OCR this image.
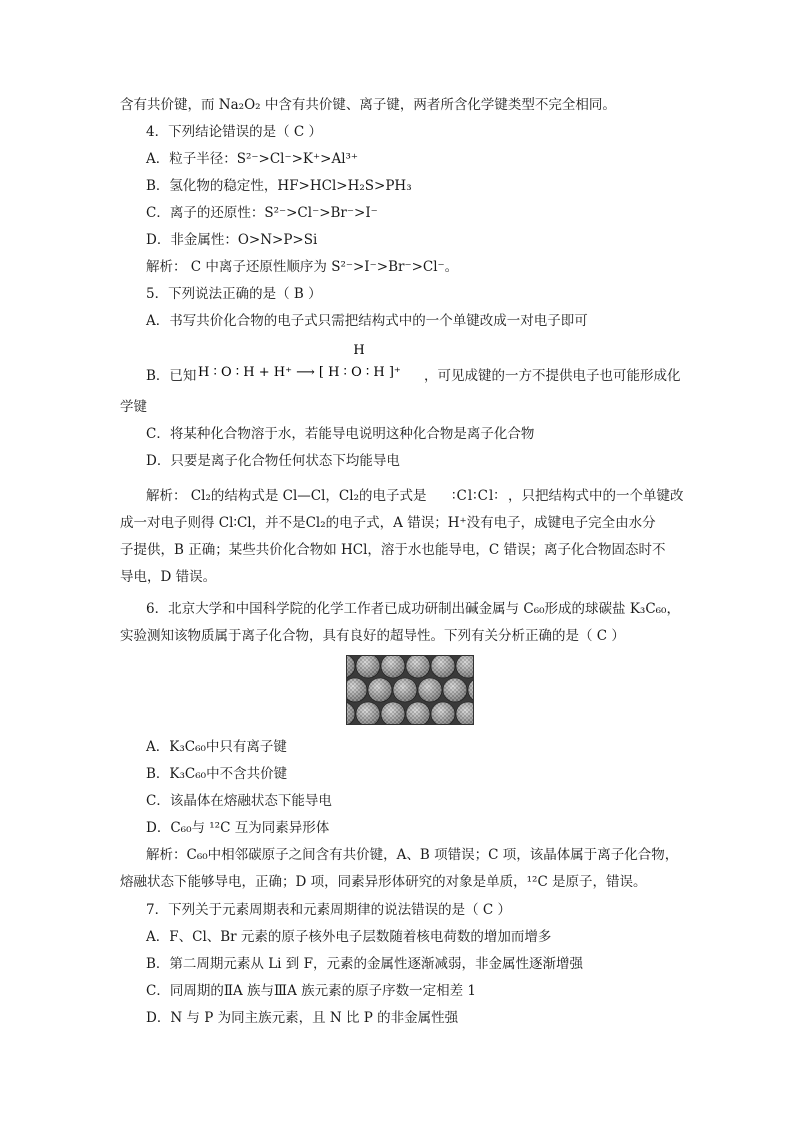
含有共价键，而 Na₂O₂ 中含有共价键、离子键，两者所含化学键类型不完全相同。
4．下列结论错误的是（ C ）
A．粒子半径：S²⁻>Cl⁻>K⁺>Al³⁺
B．氢化物的稳定性，HF>HCl>H₂S>PH₃
C．离子的还原性：S²⁻>Cl⁻>Br⁻>Ⅰ⁻
D．非金属性：O>N>P>Si
解析： C 中离子还原性顺序为 S²⁻>Ⅰ⁻>Br⁻>Cl⁻。
5．下列说法正确的是（ B ）
A．书写共价化合物的电子式只需把结构式中的一个单键改成一对电子即可
B．已知
H
H ∶ O ∶ H + H⁺ ⟶ [ H ∶ O ∶ H ]⁺ ，可见成键的一方不提供电子也可能形成化
学键
C．将某种化合物溶于水，若能导电说明这种化合物是离子化合物
D．只要是离子化合物任何状态下均能导电
解析： Cl₂的结构式是 Cl—Cl，Cl₂的电子式是 ∶Cl∶Cl∶ ，只把结构式中的一个单键改
成一对电子则得 Cl∶Cl，并不是Cl₂的电子式，A 错误；H⁺没有电子，成键电子完全由水分
子提供，B 正确；某些共价化合物如 HCl，溶于水也能导电，C 错误；离子化合物固态时不
导电，D 错误。
6．北京大学和中国科学院的化学工作者已成功研制出碱金属与 C₆₀形成的球碳盐 K₃C₆₀，
实验测知该物质属于离子化合物，具有良好的超导性。下列有关分析正确的是（ C ）
A．K₃C₆₀中只有离子键
B．K₃C₆₀中不含共价键
C．该晶体在熔融状态下能导电
D．C₆₀与 ¹²C 互为同素异形体
解析：C₆₀中相邻碳原子之间含有共价键，A、B 项错误；C 项，该晶体属于离子化合物，
熔融状态下能够导电，正确；D 项，同素异形体研究的对象是单质，¹²C 是原子，错误。
7．下列关于元素周期表和元素周期律的说法错误的是（ C ）
A．F、Cl、Br 元素的原子核外电子层数随着核电荷数的增加而增多
B．第二周期元素从 Li 到 F，元素的金属性逐渐减弱，非金属性逐渐增强
C．同周期的ⅡA 族与ⅢA 族元素的原子序数一定相差 1
D．N 与 P 为同主族元素，且 N 比 P 的非金属性强
